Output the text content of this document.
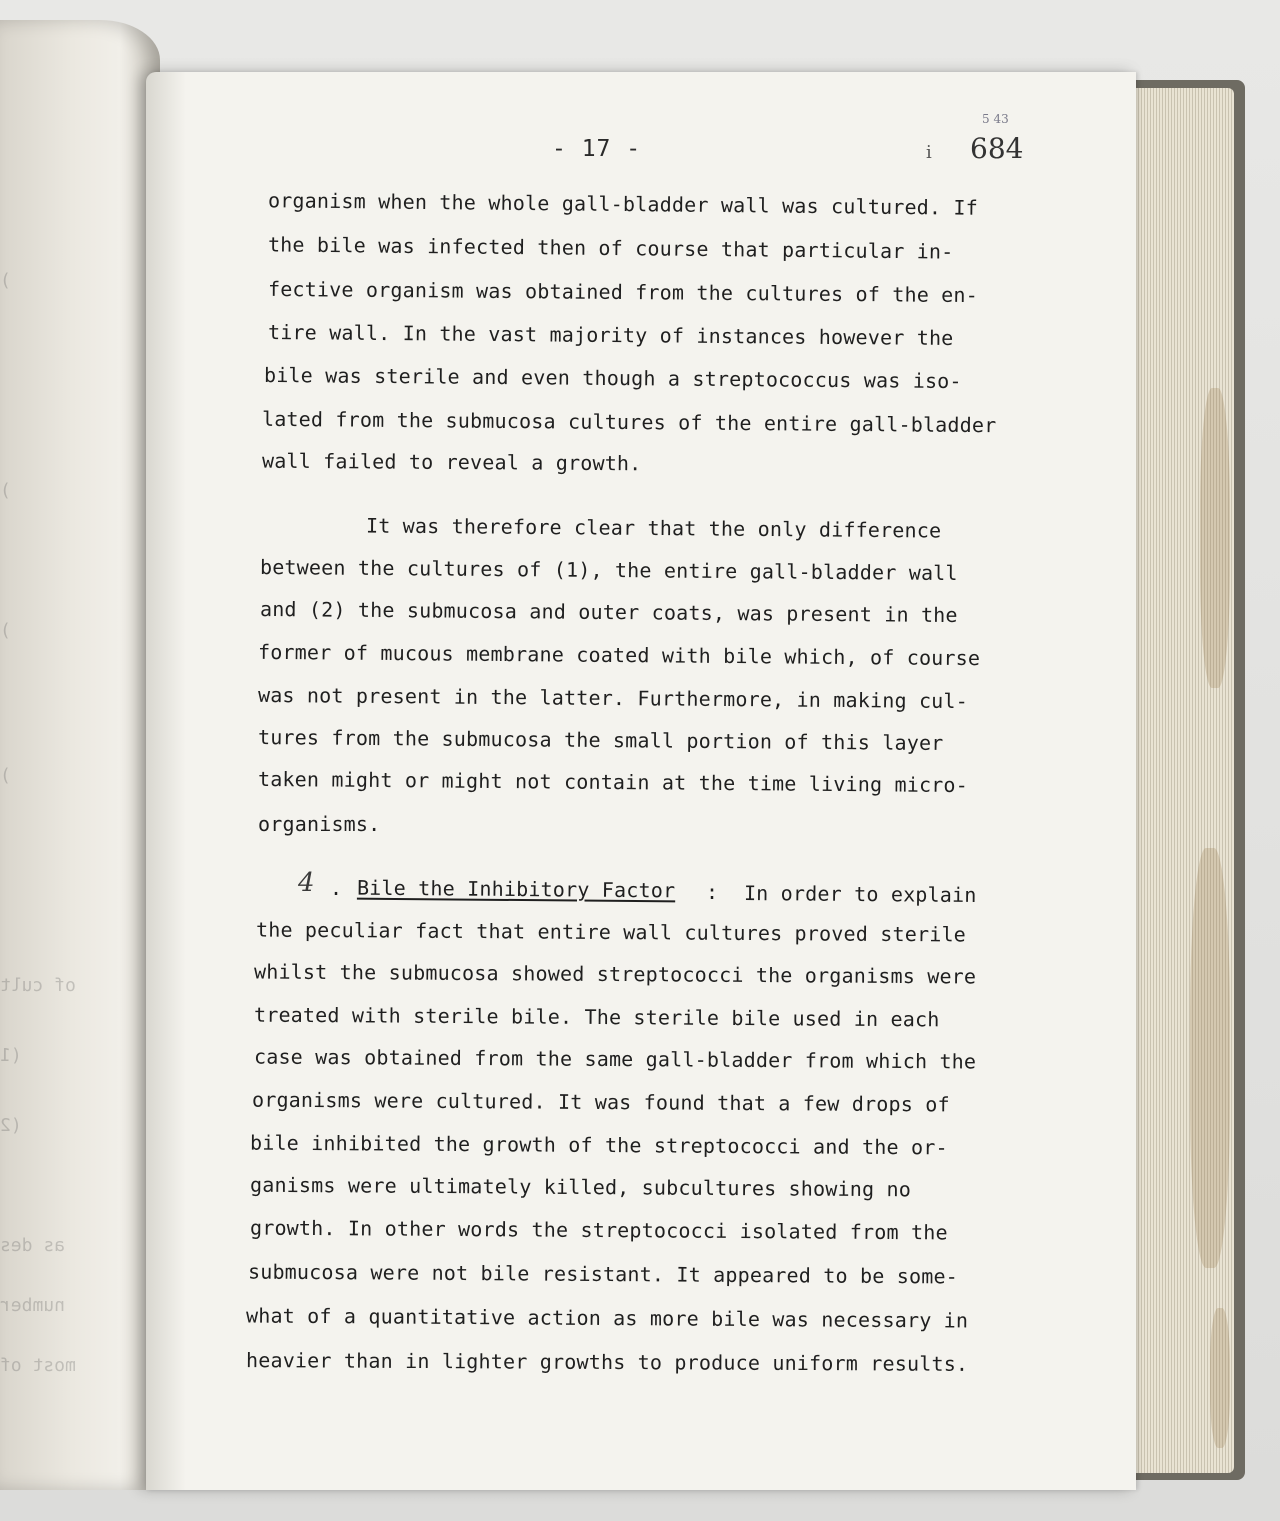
)
)
)
)
of cult
(1
(2
as des
number
most of
- 17 -
5 43
i 684
organism when the whole gall-bladder wall was cultured. If
the bile was infected then of course that particular in-
fective organism was obtained from the cultures of the en-
tire wall. In the vast majority of instances however the
bile was sterile and even though a streptococcus was iso-
lated from the submucosa cultures of the entire gall-bladder
wall failed to reveal a growth.
It was therefore clear that the only difference
between the cultures of (1), the entire gall-bladder wall
and (2) the submucosa and outer coats, was present in the
former of mucous membrane coated with bile which, of course
was not present in the latter. Furthermore, in making cul-
tures from the submucosa the small portion of this layer
taken might or might not contain at the time living micro-
organisms.
4 . Bile the Inhibitory Factor : In order to explain
the peculiar fact that entire wall cultures proved sterile
whilst the submucosa showed streptococci the organisms were
treated with sterile bile. The sterile bile used in each
case was obtained from the same gall-bladder from which the
organisms were cultured. It was found that a few drops of
bile inhibited the growth of the streptococci and the or-
ganisms were ultimately killed, subcultures showing no
growth. In other words the streptococci isolated from the
submucosa were not bile resistant. It appeared to be some-
what of a quantitative action as more bile was necessary in
heavier than in lighter growths to produce uniform results.
